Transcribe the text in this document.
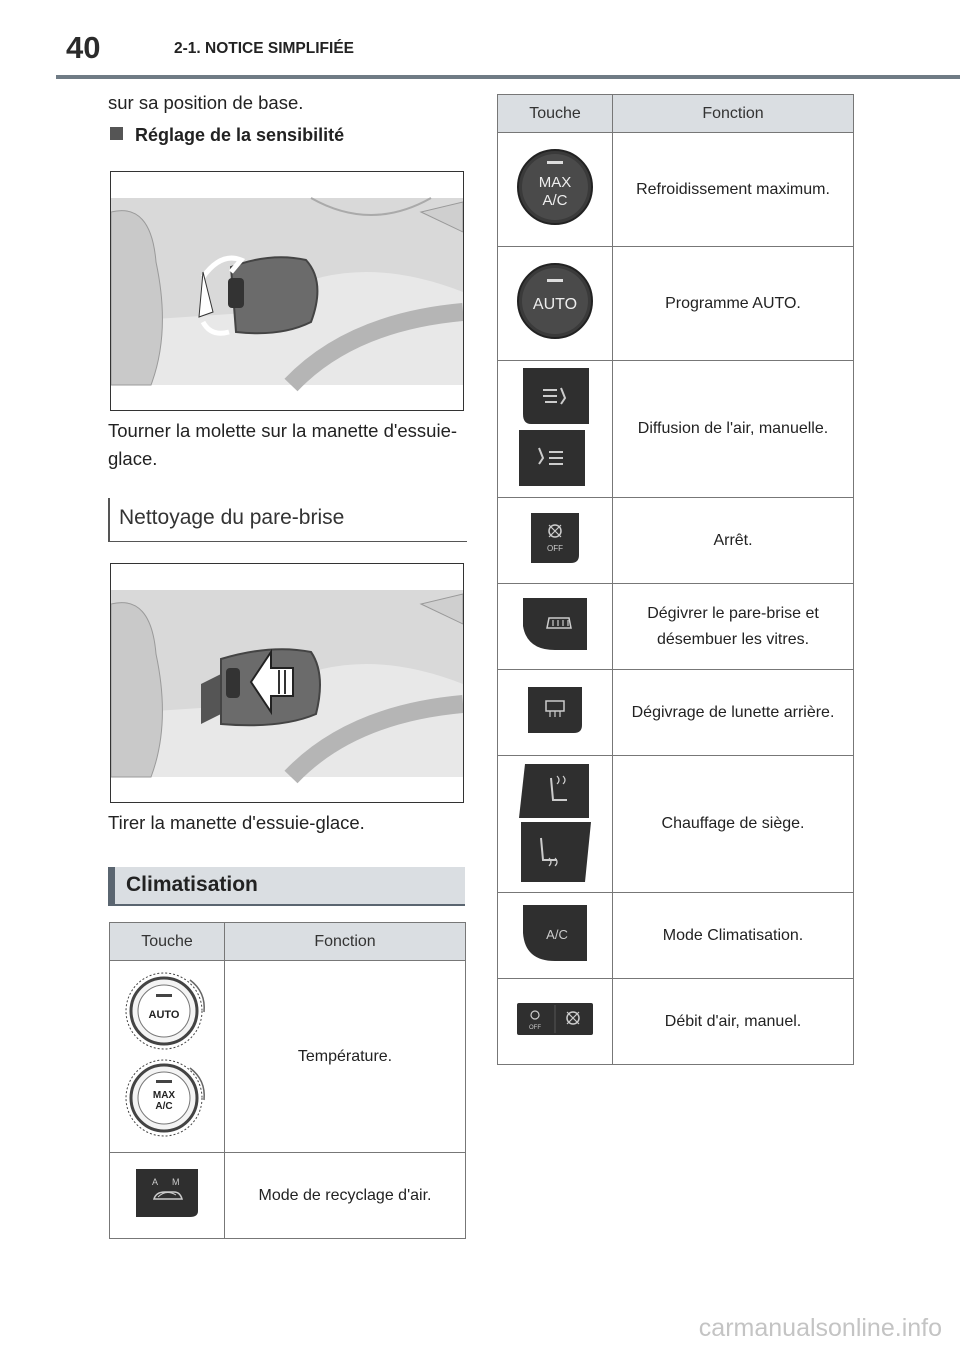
40	2-1. NOTICE SIMPLIFIÉE
sur sa position de base.
Réglage de la sensibilité
Tourner la molette sur la manette d'essuie-glace.
Nettoyage du pare-brise
Tirer la manette d'essuie-glace.
Climatisation
Touche	Fonction

AUTO
MAX
A/C	Température.

A M	Mode de recyclage d'air.
Touche	Fonction

MAX
A/C	Refroidissement maximum.

AUTO	Programme AUTO.
	Diffusion de l'air, manuelle.

OFF	Arrêt.
	Dégivrer le pare-brise et désembuer les vitres.
	Dégivrage de lunette arrière.
	Chauffage de siège.

A/C	Mode Climatisation.

OFF	Débit d'air, manuel.
carmanualsonline.info
